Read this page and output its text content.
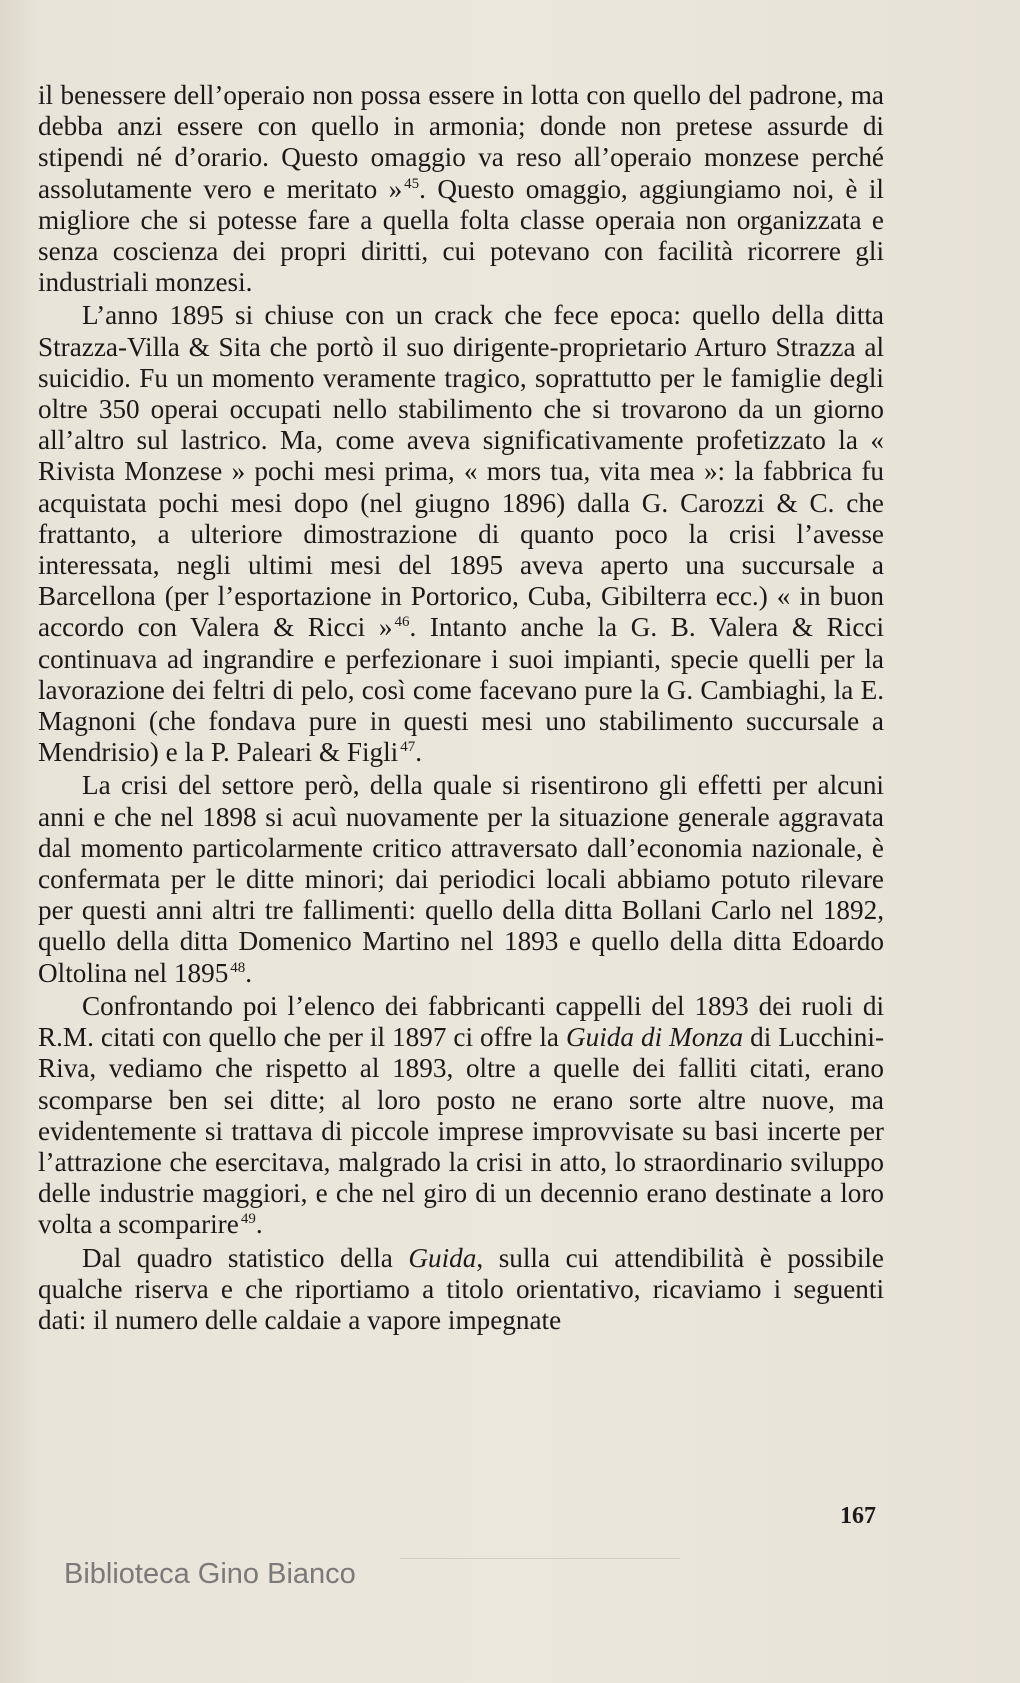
il benessere dell’operaio non possa essere in lotta con quello del padrone, ma debba anzi essere con quello in armonia; donde non pretese assurde di stipendi né d’orario. Questo omaggio va reso all’operaio monzese perché assolutamente vero e meritato » $^{45}$. Questo omaggio, aggiungiamo noi, è il migliore che si potesse fare a quella folta classe operaia non organizzata e senza coscienza dei propri diritti, cui potevano con facilità ricorrere gli industriali monzesi.

L’anno 1895 si chiuse con un crack che fece epoca: quello della ditta Strazza-Villa & Sita che portò il suo dirigente-proprietario Arturo Strazza al suicidio. Fu un momento veramente tragico, soprattutto per le famiglie degli oltre 350 operai occupati nello stabilimento che si trovarono da un giorno all’altro sul lastrico. Ma, come aveva significativamente profetizzato la « Rivista Monzese » pochi mesi prima, « mors tua, vita mea »: la fabbrica fu acquistata pochi mesi dopo (nel giugno 1896) dalla G. Carozzi & C. che frattanto, a ulteriore dimostrazione di quanto poco la crisi l’avesse interessata, negli ultimi mesi del 1895 aveva aperto una succursale a Barcellona (per l’esportazione in Portorico, Cuba, Gibilterra ecc.) « in buon accordo con Valera & Ricci » $^{46}$. Intanto anche la G. B. Valera & Ricci continuava ad ingrandire e perfezionare i suoi impianti, specie quelli per la lavorazione dei feltri di pelo, così come facevano pure la G. Cambiaghi, la E. Magnoni (che fondava pure in questi mesi uno stabilimento succursale a Mendrisio) e la P. Paleari & Figli $^{47}$.

La crisi del settore però, della quale si risentirono gli effetti per alcuni anni e che nel 1898 si acuì nuovamente per la situazione generale aggravata dal momento particolarmente critico attraversato dall’economia nazionale, è confermata per le ditte minori; dai periodici locali abbiamo potuto rilevare per questi anni altri tre fallimenti: quello della ditta Bollani Carlo nel 1892, quello della ditta Domenico Martino nel 1893 e quello della ditta Edoardo Oltolina nel 1895 $^{48}$.

Confrontando poi l’elenco dei fabbricanti cappelli del 1893 dei ruoli di R.M. citati con quello che per il 1897 ci offre la Guida di Monza di Lucchini-Riva, vediamo che rispetto al 1893, oltre a quelle dei falliti citati, erano scomparse ben sei ditte; al loro posto ne erano sorte altre nuove, ma evidentemente si trattava di piccole imprese improvvisate su basi incerte per l’attrazione che esercitava, malgrado la crisi in atto, lo straordinario sviluppo delle industrie maggiori, e che nel giro di un decennio erano destinate a loro volta a scomparire $^{49}$.

Dal quadro statistico della Guida, sulla cui attendibilità è possibile qualche riserva e che riportiamo a titolo orientativo, ricaviamo i seguenti dati: il numero delle caldaie a vapore impegnate

167
Biblioteca Gino Bianco
